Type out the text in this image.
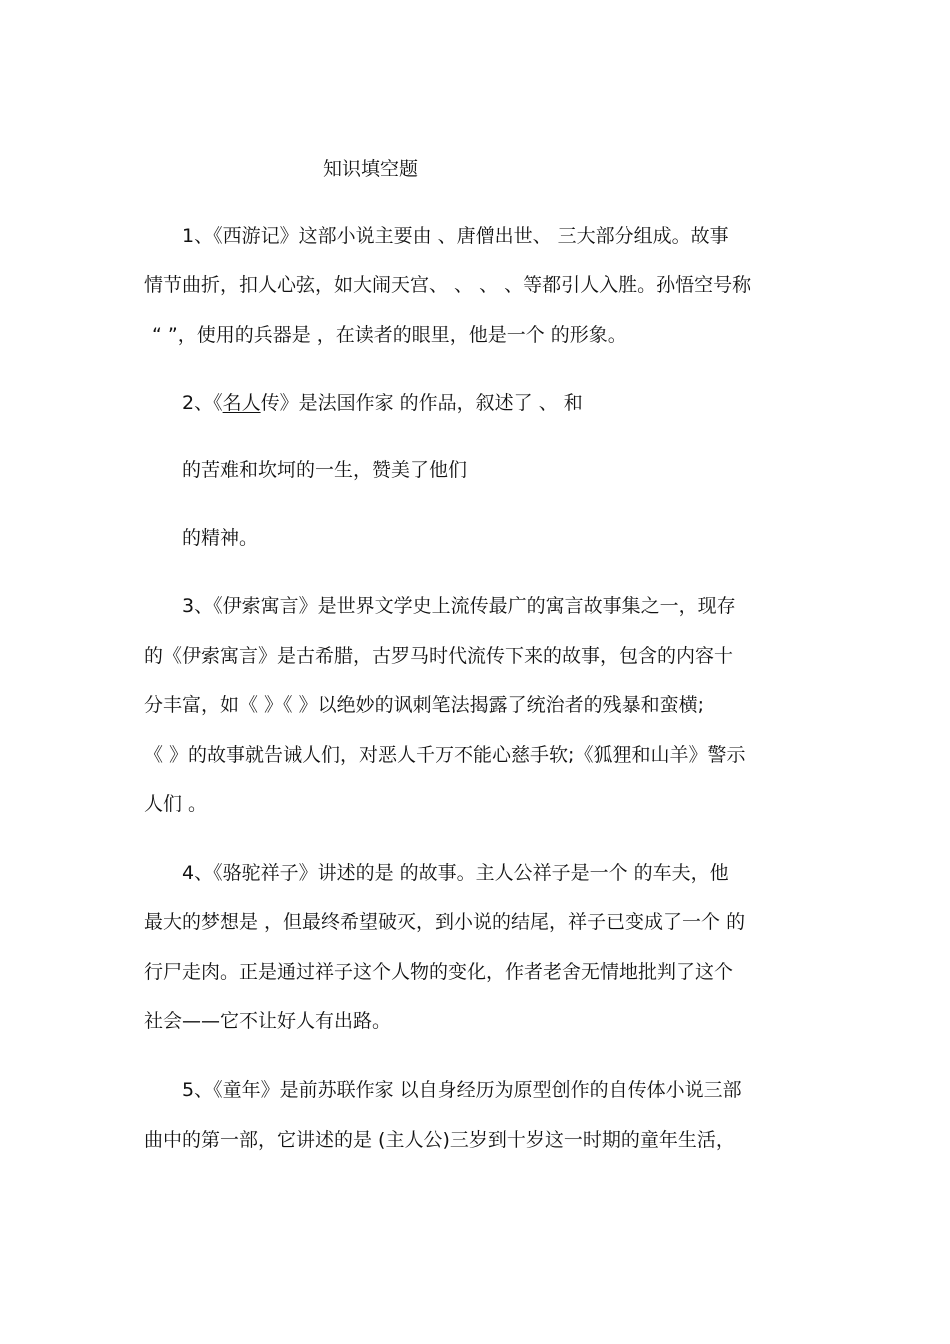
知识填空题
1、《西游记》这部小说主要由 、唐僧出世、 三大部分组成。故事
情节曲折，扣人心弦，如大闹天宫、 、 、 、等都引人入胜。孙悟空号称
“ ”，使用的兵器是 ，在读者的眼里，他是一个 的形象。
2、《名人传》是法国作家 的作品，叙述了 、 和
的苦难和坎坷的一生，赞美了他们
的精神。
3、《伊索寓言》是世界文学史上流传最广的寓言故事集之一，现存
的《伊索寓言》是古希腊，古罗马时代流传下来的故事，包含的内容十
分丰富，如《 》《 》以绝妙的讽刺笔法揭露了统治者的残暴和蛮横;
《 》的故事就告诫人们，对恶人千万不能心慈手软;《狐狸和山羊》警示
人们 。
4、《骆驼祥子》讲述的是 的故事。主人公祥子是一个 的车夫，他
最大的梦想是 ，但最终希望破灭，到小说的结尾，祥子已变成了一个 的
行尸走肉。正是通过祥子这个人物的变化，作者老舍无情地批判了这个
社会——它不让好人有出路。
5、《童年》是前苏联作家 以自身经历为原型创作的自传体小说三部
曲中的第一部，它讲述的是 (主人公)三岁到十岁这一时期的童年生活，
